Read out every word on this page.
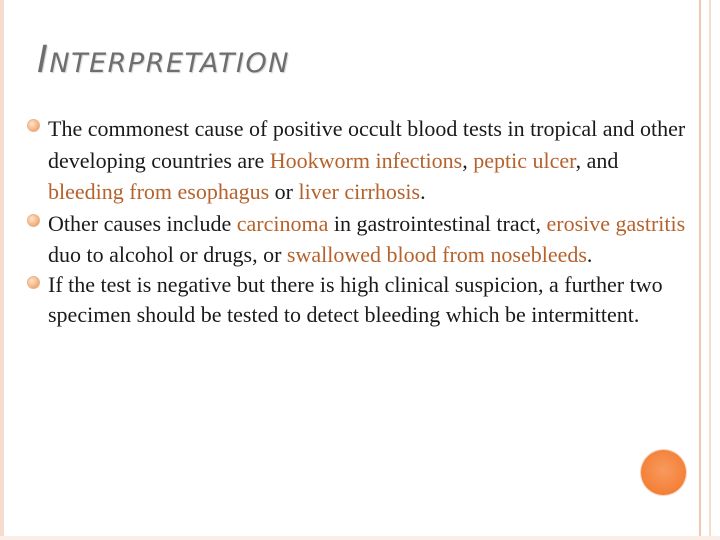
INTERPRETATION

The commonest cause of positive occult blood tests in tropical and other developing countries are Hookworm infections, peptic ulcer, and bleeding from esophagus or liver cirrhosis.

Other causes include carcinoma in gastrointestinal tract, erosive gastritis duo to alcohol or drugs, or swallowed blood from nosebleeds.

If the test is negative but there is high clinical suspicion, a further two specimen should be tested to detect bleeding which be intermittent.
